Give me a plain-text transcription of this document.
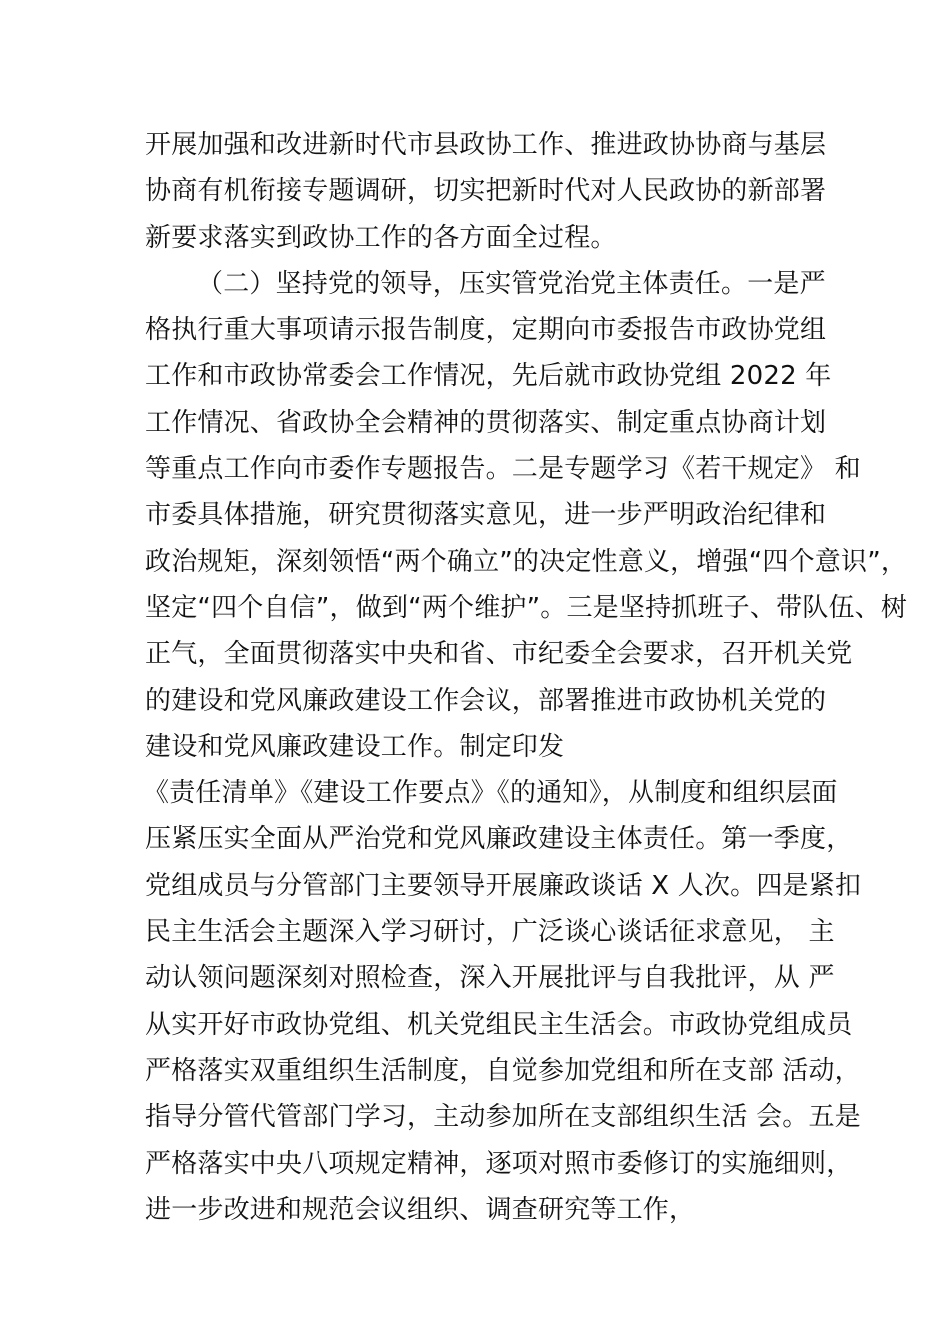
开展加强和改进新时代市县政协工作、推进政协协商与基层
协商有机衔接专题调研，切实把新时代对人民政协的新部署
新要求落实到政协工作的各方面全过程。
（二）坚持党的领导，压实管党治党主体责任。一是严
格执行重大事项请示报告制度，定期向市委报告市政协党组
工作和市政协常委会工作情况，先后就市政协党组 2022 年
工作情况、省政协全会精神的贯彻落实、制定重点协商计划
等重点工作向市委作专题报告。二是专题学习《若干规定》 和
市委具体措施，研究贯彻落实意见，进一步严明政治纪律和
政治规矩，深刻领悟“两个确立”的决定性意义，增强“四个意识”，
坚定“四个自信”，做到“两个维护”。三是坚持抓班子、带队伍、树
正气，全面贯彻落实中央和省、市纪委全会要求，召开机关党
的建设和党风廉政建设工作会议，部署推进市政协机关党的
建设和党风廉政建设工作。制定印发
《责任清单》《建设工作要点》《的通知》，从制度和组织层面
压紧压实全面从严治党和党风廉政建设主体责任。第一季度，
党组成员与分管部门主要领导开展廉政谈话 X 人次。四是紧扣
民主生活会主题深入学习研讨，广泛谈心谈话征求意见， 主
动认领问题深刻对照检查，深入开展批评与自我批评，从 严
从实开好市政协党组、机关党组民主生活会。市政协党组成员
严格落实双重组织生活制度，自觉参加党组和所在支部 活动，
指导分管代管部门学习，主动参加所在支部组织生活 会。五是
严格落实中央八项规定精神，逐项对照市委修订的实施细则，
进一步改进和规范会议组织、调查研究等工作，
